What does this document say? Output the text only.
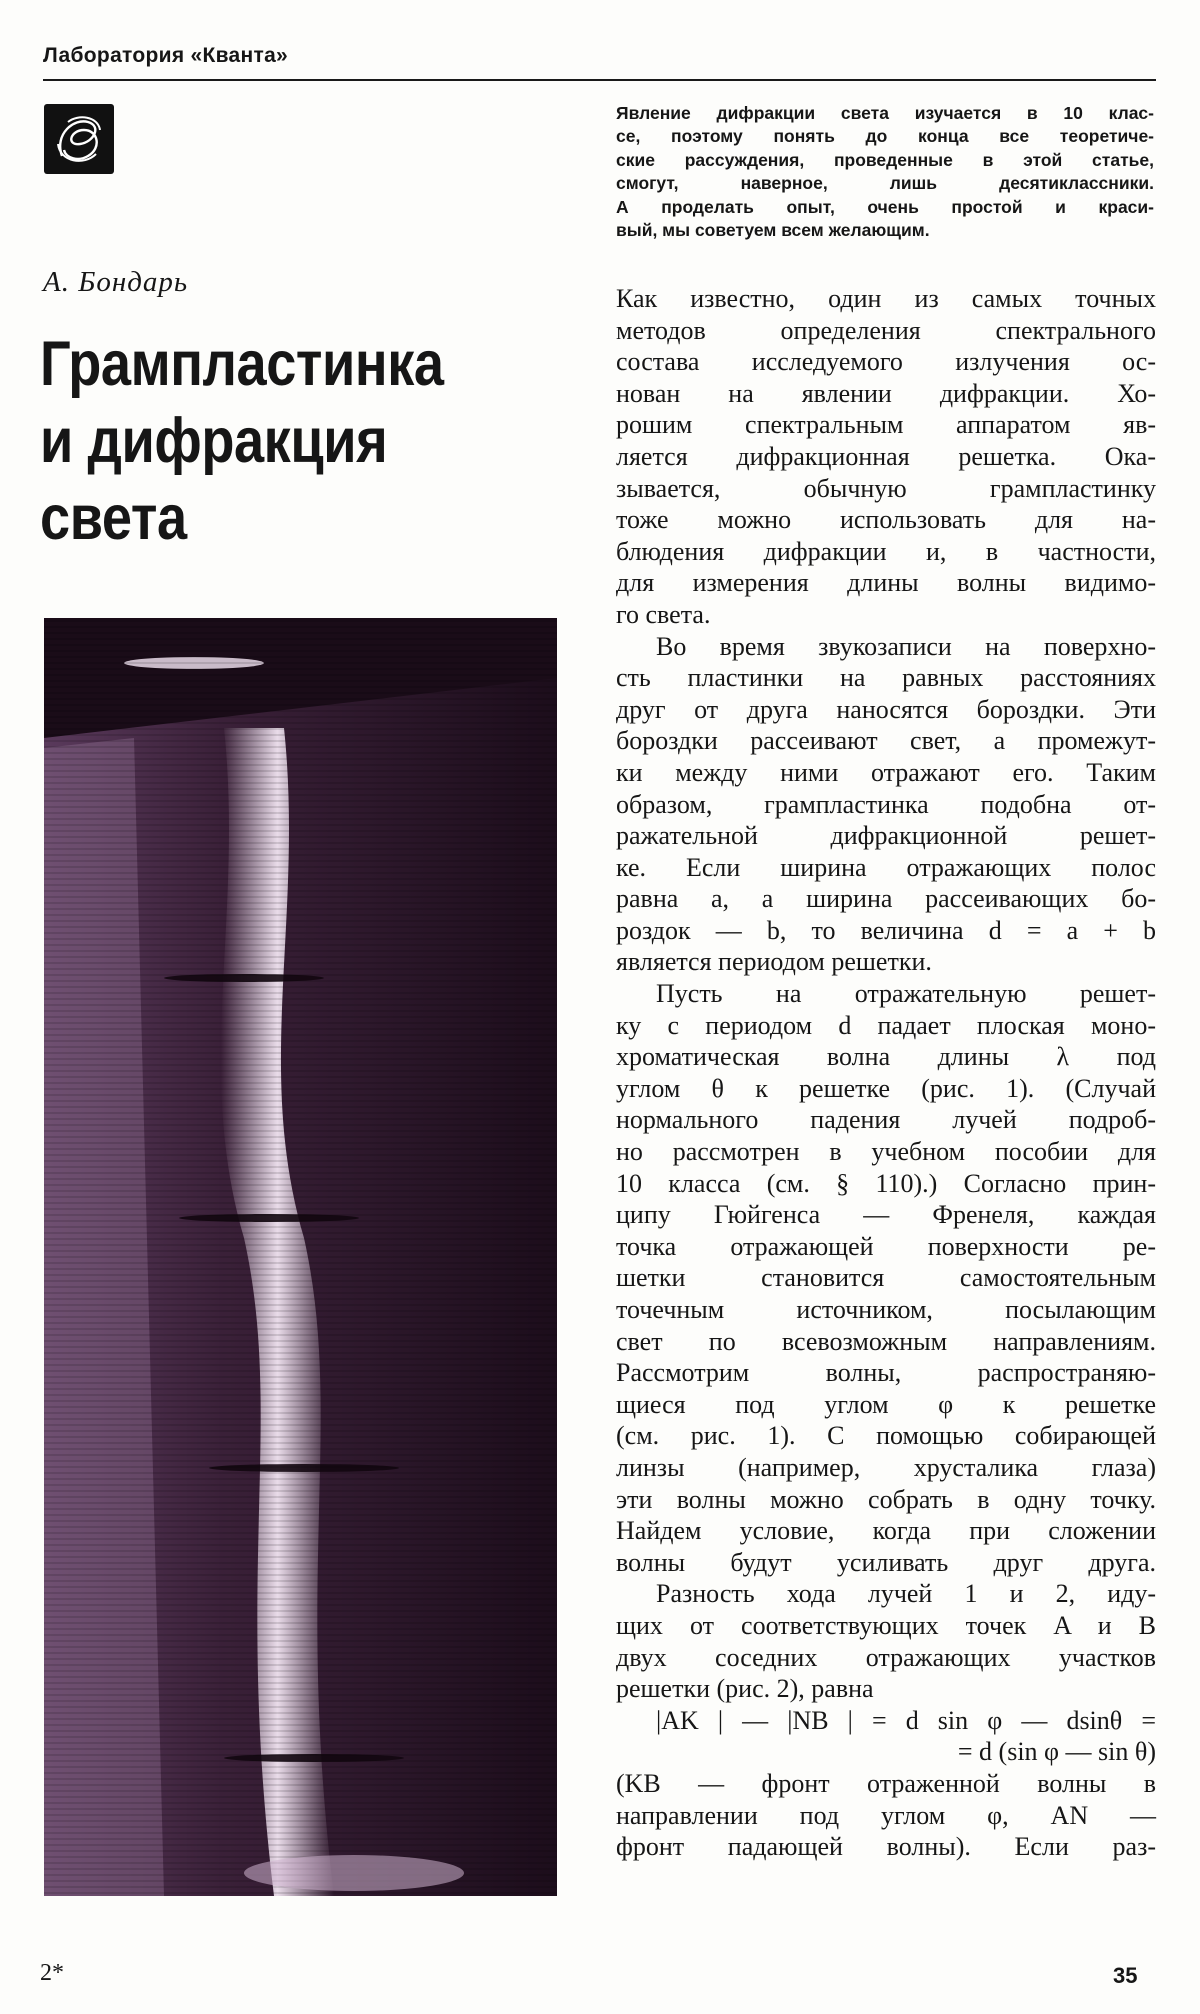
Лаборатория «Кванта»
А. Бондарь
Грампластинка
и дифракция
света
Явление дифракции света изучается в 10 клас-
се, поэтому понять до конца все теоретиче-
ские рассуждения, проведенные в этой статье,
смогут, наверное, лишь десятиклассники.
А проделать опыт, очень простой и краси-
вый, мы советуем всем желающим.
Как известно, один из самых точных
методов определения спектрального
состава исследуемого излучения ос-
нован на явлении дифракции. Хо-
рошим спектральным аппаратом яв-
ляется дифракционная решетка. Ока-
зывается, обычную грампластинку
тоже можно использовать для на-
блюдения дифракции и, в частности,
для измерения длины волны видимо-
го света.
Во время звукозаписи на поверхно-
сть пластинки на равных расстояниях
друг от друга наносятся бороздки. Эти
бороздки рассеивают свет, а промежут-
ки между ними отражают его. Таким
образом, грампластинка подобна от-
ражательной дифракционной решет-
ке. Если ширина отражающих полос
равна a, а ширина рассеивающих бо-
роздок — b, то величина d = a + b
является периодом решетки.
Пусть на отражательную решет-
ку с периодом d падает плоская моно-
хроматическая волна длины λ под
углом θ к решетке (рис. 1). (Случай
нормального падения лучей подроб-
но рассмотрен в учебном пособии для
10 класса (см. § 110).) Согласно прин-
ципу Гюйгенса — Френеля, каждая
точка отражающей поверхности ре-
шетки становится самостоятельным
точечным источником, посылающим
свет по всевозможным направлениям.
Рассмотрим волны, распространяю-
щиеся под углом φ к решетке
(см. рис. 1). С помощью собирающей
линзы (например, хрусталика глаза)
эти волны можно собрать в одну точку.
Найдем условие, когда при сложении
волны будут усиливать друг друга.
Разность хода лучей 1 и 2, иду-
щих от соответствующих точек A и B
двух соседних отражающих участков
решетки (рис. 2), равна
|AK | — |NB | = d sin φ — dsinθ =
= d (sin φ — sin θ)
(KB — фронт отраженной волны в
направлении под углом φ, AN —
фронт падающей волны). Если раз-
2*	35
